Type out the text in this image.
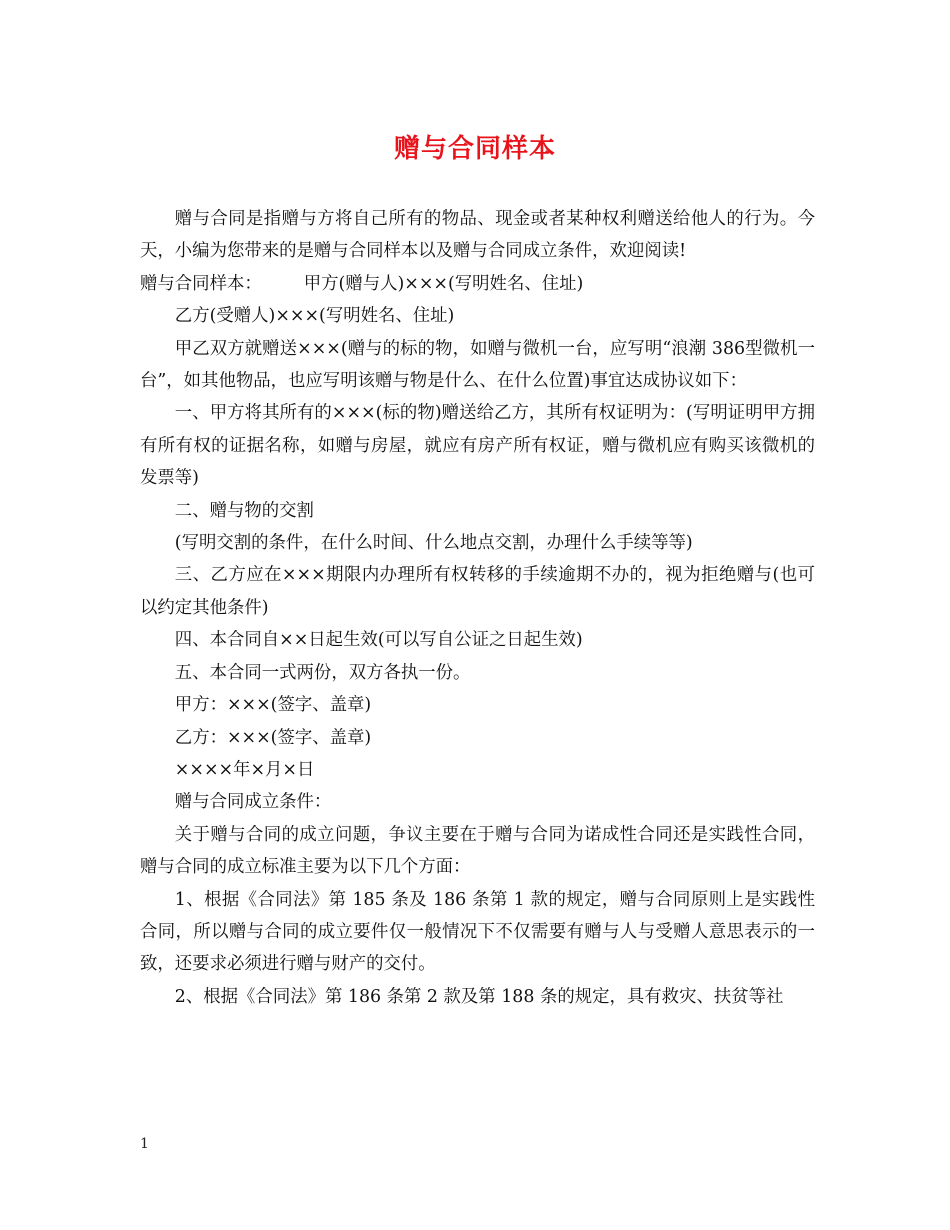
赠与合同样本

赠与合同是指赠与方将自己所有的物品、现金或者某种权利赠送给他人的行为。今天，小编为您带来的是赠与合同样本以及赠与合同成立条件，欢迎阅读!

赠与合同样本： 甲方(赠与人)×××(写明姓名、住址)

乙方(受赠人)×××(写明姓名、住址)

甲乙双方就赠送×××(赠与的标的物，如赠与微机一台，应写明“浪潮 386型微机一台”，如其他物品，也应写明该赠与物是什么、在什么位置)事宜达成协议如下：

一、甲方将其所有的×××(标的物)赠送给乙方，其所有权证明为：(写明证明甲方拥有所有权的证据名称，如赠与房屋，就应有房产所有权证，赠与微机应有购买该微机的发票等)

二、赠与物的交割

(写明交割的条件，在什么时间、什么地点交割，办理什么手续等等)

三、乙方应在×××期限内办理所有权转移的手续逾期不办的，视为拒绝赠与(也可以约定其他条件)

四、本合同自××日起生效(可以写自公证之日起生效)

五、本合同一式两份，双方各执一份。

甲方：×××(签字、盖章)

乙方：×××(签字、盖章)

××××年×月×日

赠与合同成立条件：

关于赠与合同的成立问题，争议主要在于赠与合同为诺成性合同还是实践性合同，赠与合同的成立标准主要为以下几个方面：

1、根据《合同法》第 185 条及 186 条第 1 款的规定，赠与合同原则上是实践性合同，所以赠与合同的成立要件仅一般情况下不仅需要有赠与人与受赠人意思表示的一致，还要求必须进行赠与财产的交付。

2、根据《合同法》第 186 条第 2 款及第 188 条的规定，具有救灾、扶贫等社

1
